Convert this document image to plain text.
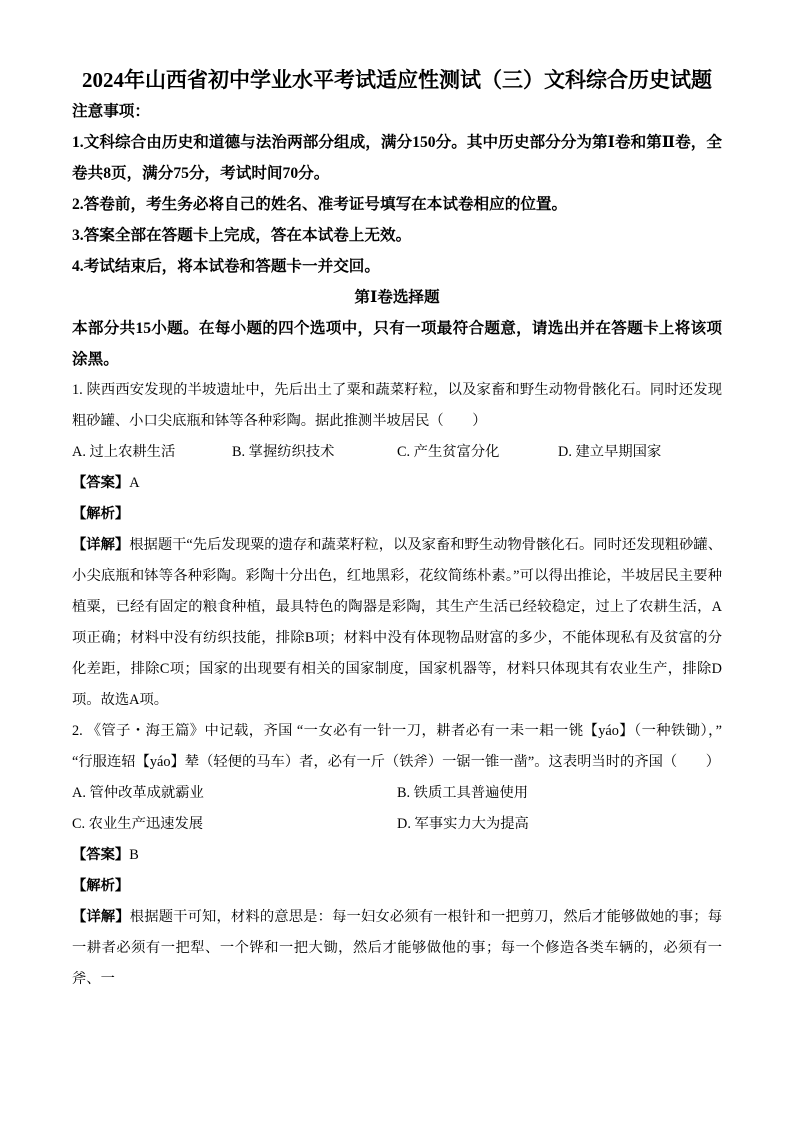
2024年山西省初中学业水平考试适应性测试（三）文科综合历史试题

注意事项：

1.文科综合由历史和道德与法治两部分组成，满分150分。其中历史部分分为第Ⅰ卷和第Ⅱ卷，全卷共8页，满分75分，考试时间70分。

2.答卷前，考生务必将自己的姓名、准考证号填写在本试卷相应的位置。

3.答案全部在答题卡上完成，答在本试卷上无效。

4.考试结束后，将本试卷和答题卡一并交回。

第Ⅰ卷选择题

本部分共15小题。在每小题的四个选项中，只有一项最符合题意，请选出并在答题卡上将该项涂黑。

1. 陕西西安发现的半坡遗址中，先后出土了粟和蔬菜籽粒，以及家畜和野生动物骨骸化石。同时还发现粗砂罐、小口尖底瓶和钵等各种彩陶。据此推测半坡居民（　　）

A. 过上农耕生活	B. 掌握纺织技术	C. 产生贫富分化	D. 建立早期国家

【答案】A

【解析】

【详解】根据题干“先后发现粟的遗存和蔬菜籽粒，以及家畜和野生动物骨骸化石。同时还发现粗砂罐、小尖底瓶和钵等各种彩陶。彩陶十分出色，红地黑彩，花纹简练朴素。”可以得出推论，半坡居民主要种植粟，已经有固定的粮食种植，最具特色的陶器是彩陶，其生产生活已经较稳定，过上了农耕生活，A项正确；材料中没有纺织技能，排除B项；材料中没有体现物品财富的多少，不能体现私有及贫富的分化差距，排除C项；国家的出现要有相关的国家制度，国家机器等，材料只体现其有农业生产，排除D项。故选A项。

2. 《管子・海王篇》中记载，齐国 “一女必有一针一刀，耕者必有一耒一耜一铫【yáo】（一种铁锄），” “行服连轺【yáo】辇（轻便的马车）者，必有一斤（铁斧）一锯一锥一凿”。这表明当时的齐国（　　）

A. 管仲改革成就霸业	B. 铁质工具普遍使用
C. 农业生产迅速发展	D. 军事实力大为提高

【答案】B

【解析】

【详解】根据题干可知，材料的意思是：每一妇女必须有一根针和一把剪刀，然后才能够做她的事；每一耕者必须有一把犁、一个铧和一把大锄，然后才能够做他的事；每一个修造各类车辆的，必须有一斧、一
